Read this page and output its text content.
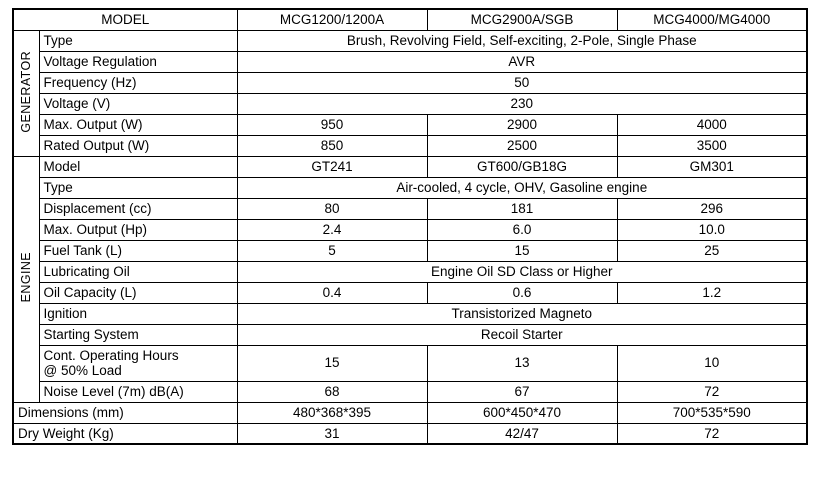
MODEL		MCG1200/1200A	MCG2900A/SGB	MCG4000/MG4000
GENERATOR	Type	Brush, Revolving Field, Self-exciting, 2-Pole, Single Phase		
	Voltage Regulation	AVR		
	Frequency (Hz)	50		
	Voltage (V)	230		
	Max. Output (W)	950	2900	4000
	Rated Output (W)	850	2500	3500
ENGINE	Model	GT241	GT600/GB18G	GM301
	Type	Air-cooled, 4 cycle, OHV, Gasoline engine		
	Displacement (cc)	80	181	296
	Max. Output (Hp)	2.4	6.0	10.0
	Fuel Tank (L)	5	15	25
	Lubricating Oil	Engine Oil SD Class or Higher		
	Oil Capacity (L)	0.4	0.6	1.2
	Ignition	Transistorized Magneto		
	Starting System	Recoil Starter		

	Cont. Operating Hours
@ 50% Load	15	13	10
	Noise Level (7m) dB(A)	68	67	72
Dimensions (mm)		480*368*395	600*450*470	700*535*590
Dry Weight (Kg)		31	42/47	72
